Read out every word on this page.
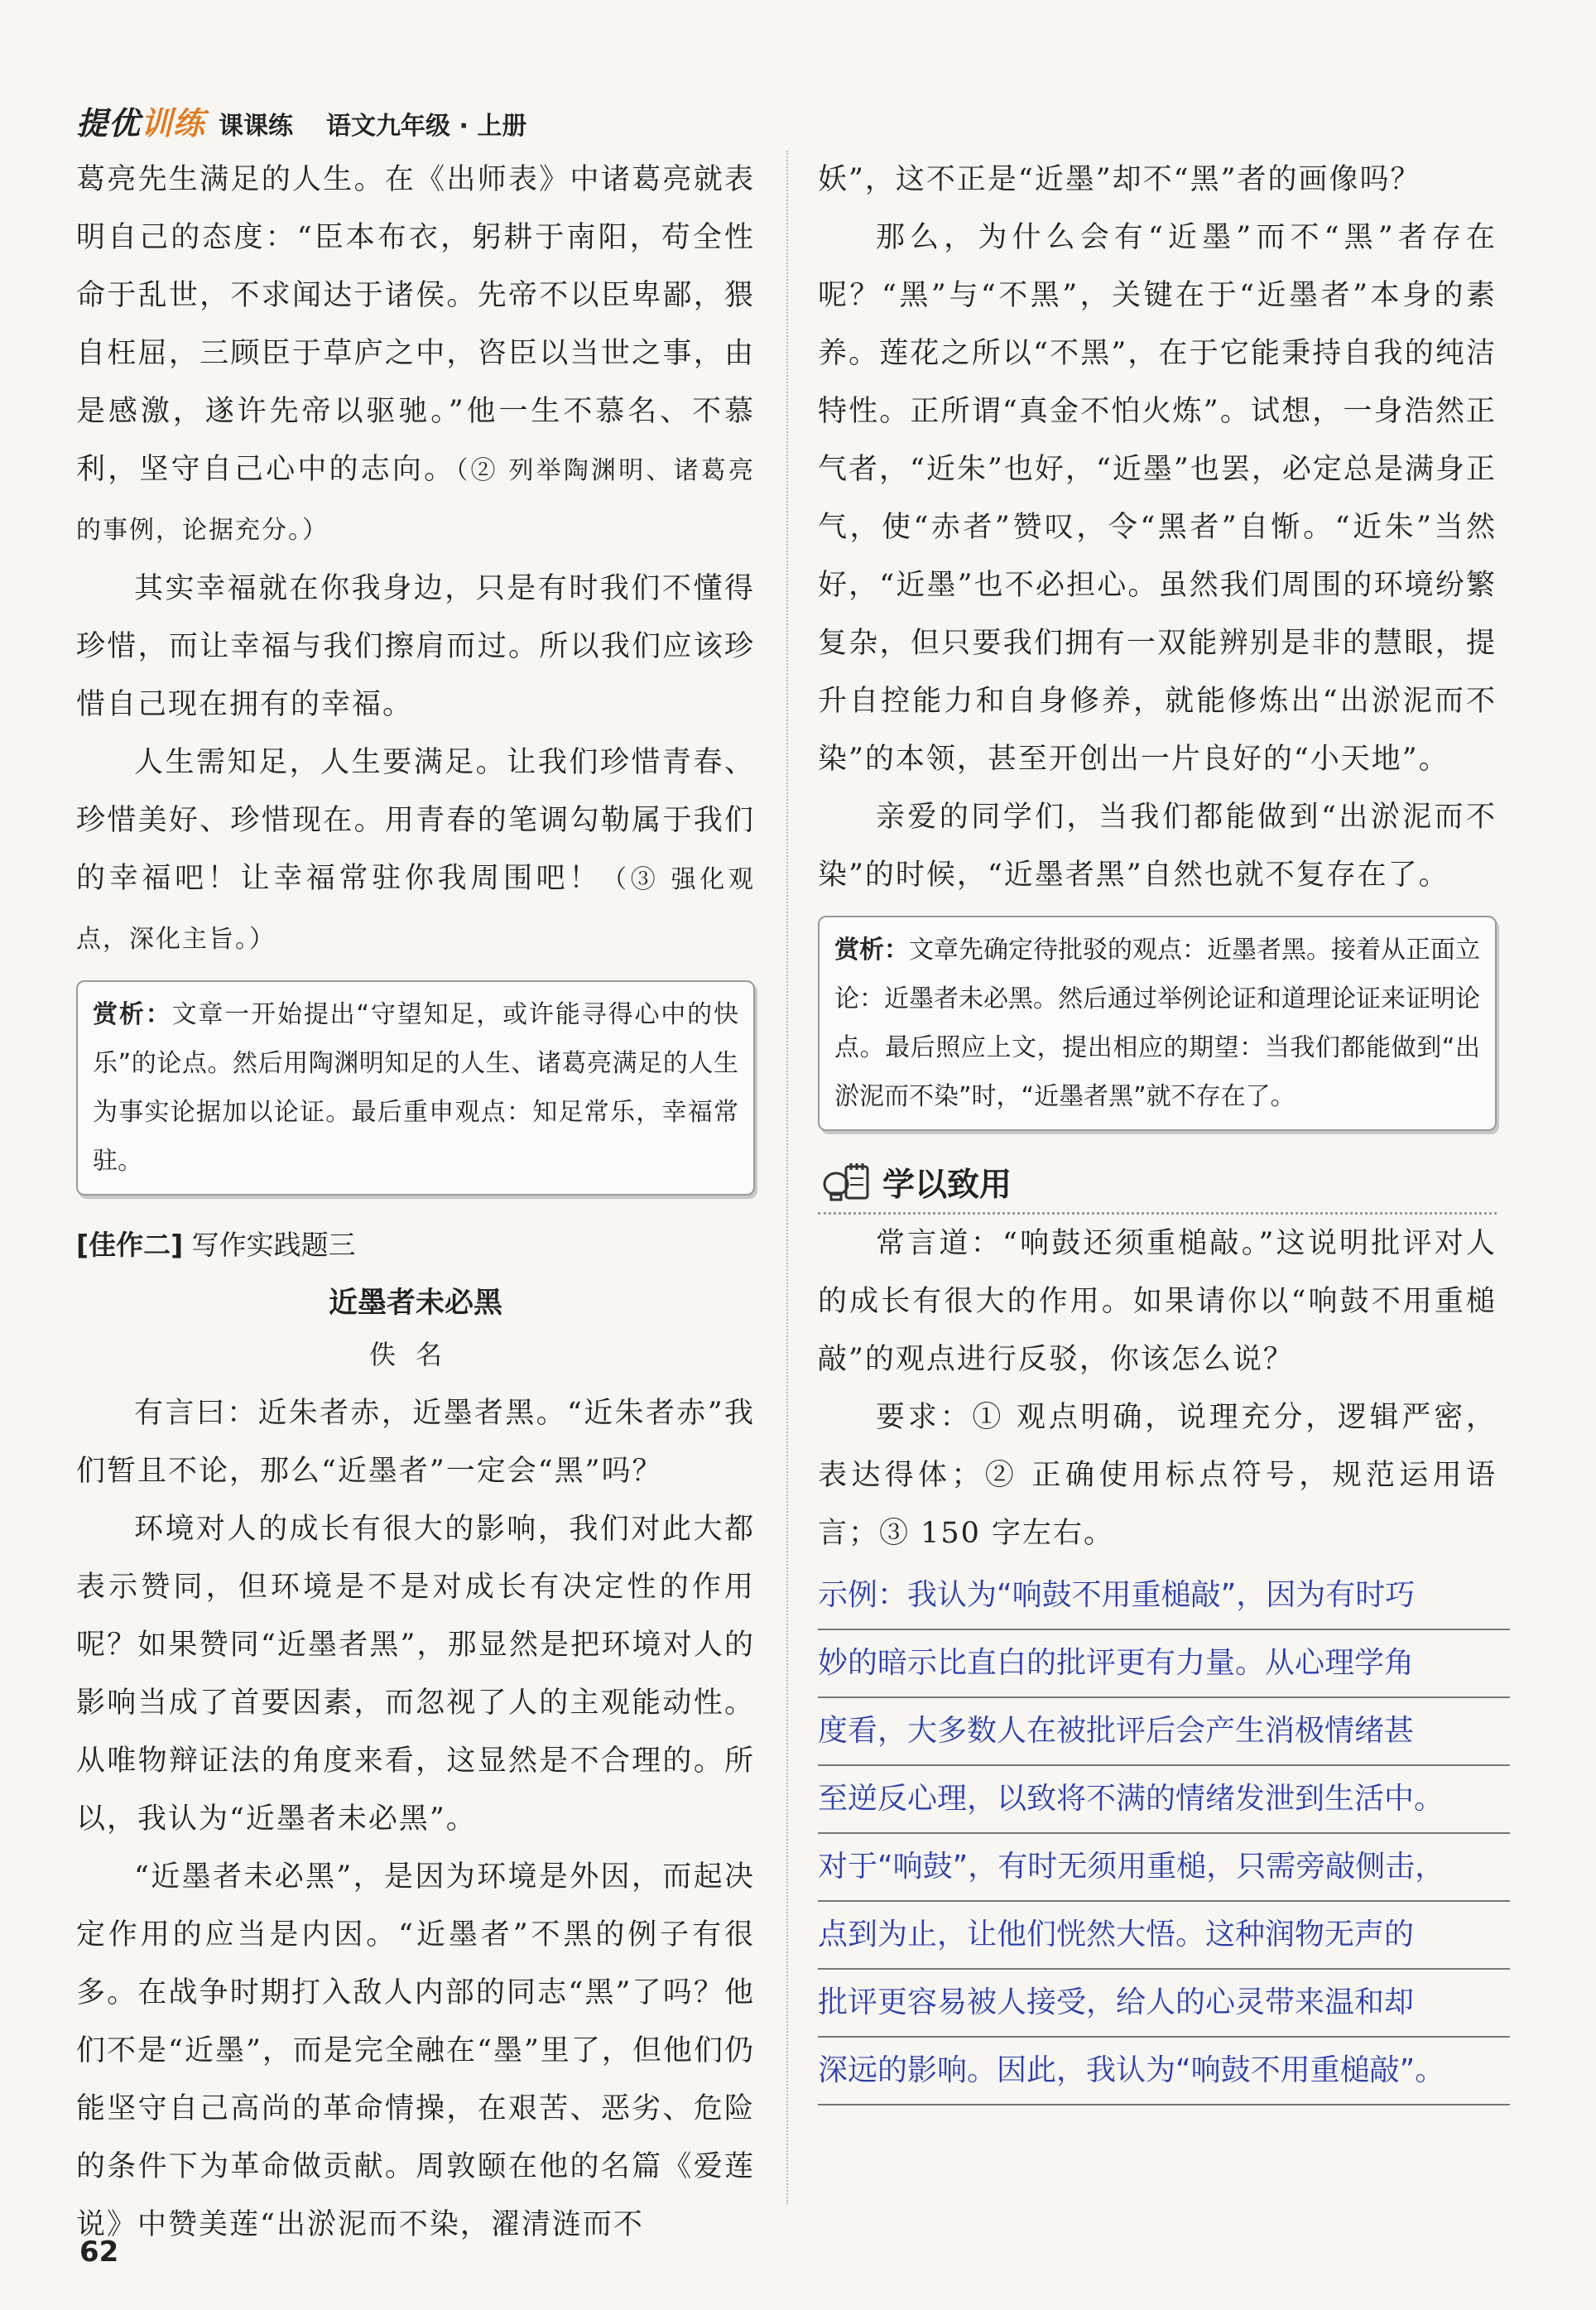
提优训练 课课练 语文九年级 · 上册

葛亮先生满足的人生。在《出师表》中诸葛亮就表明自己的态度：“臣本布衣，躬耕于南阳，苟全性命于乱世，不求闻达于诸侯。先帝不以臣卑鄙，猥自枉屈，三顾臣于草庐之中，咨臣以当世之事，由是感激，遂许先帝以驱驰。”他一生不慕名、不慕利，坚守自己心中的志向。（② 列举陶渊明、诸葛亮的事例，论据充分。）

其实幸福就在你我身边，只是有时我们不懂得珍惜，而让幸福与我们擦肩而过。所以我们应该珍惜自己现在拥有的幸福。

人生需知足，人生要满足。让我们珍惜青春、珍惜美好、珍惜现在。用青春的笔调勾勒属于我们的幸福吧！让幸福常驻你我周围吧！（③ 强化观点，深化主旨。）

赏析：文章一开始提出“守望知足，或许能寻得心中的快乐”的论点。然后用陶渊明知足的人生、诸葛亮满足的人生为事实论据加以论证。最后重申观点：知足常乐，幸福常驻。

[佳作二] 写作实践题三
近墨者未必黑
佚名

有言曰：近朱者赤，近墨者黑。“近朱者赤”我们暂且不论，那么“近墨者”一定会“黑”吗？

环境对人的成长有很大的影响，我们对此大都表示赞同，但环境是不是对成长有决定性的作用呢？如果赞同“近墨者黑”，那显然是把环境对人的影响当成了首要因素，而忽视了人的主观能动性。从唯物辩证法的角度来看，这显然是不合理的。所以，我认为“近墨者未必黑”。

“近墨者未必黑”，是因为环境是外因，而起决定作用的应当是内因。“近墨者”不黑的例子有很多。在战争时期打入敌人内部的同志“黑”了吗？他们不是“近墨”，而是完全融在“墨”里了，但他们仍能坚守自己高尚的革命情操，在艰苦、恶劣、危险的条件下为革命做贡献。周敦颐在他的名篇《爱莲说》中赞美莲“出淤泥而不染，濯清涟而不

妖”，这不正是“近墨”却不“黑”者的画像吗？

那么，为什么会有“近墨”而不“黑”者存在呢？“黑”与“不黑”，关键在于“近墨者”本身的素养。莲花之所以“不黑”，在于它能秉持自我的纯洁特性。正所谓“真金不怕火炼”。试想，一身浩然正气者，“近朱”也好，“近墨”也罢，必定总是满身正气，使“赤者”赞叹，令“黑者”自惭。“近朱”当然好，“近墨”也不必担心。虽然我们周围的环境纷繁复杂，但只要我们拥有一双能辨别是非的慧眼，提升自控能力和自身修养，就能修炼出“出淤泥而不染”的本领，甚至开创出一片良好的“小天地”。

亲爱的同学们，当我们都能做到“出淤泥而不染”的时候，“近墨者黑”自然也就不复存在了。

赏析：文章先确定待批驳的观点：近墨者黑。接着从正面立论：近墨者未必黑。然后通过举例论证和道理论证来证明论点。最后照应上文，提出相应的期望：当我们都能做到“出淤泥而不染”时，“近墨者黑”就不存在了。

学以致用

常言道：“响鼓还须重槌敲。”这说明批评对人的成长有很大的作用。如果请你以“响鼓不用重槌敲”的观点进行反驳，你该怎么说？

要求：① 观点明确，说理充分，逻辑严密，表达得体；② 正确使用标点符号，规范运用语言；③ 150 字左右。

示例：我认为“响鼓不用重槌敲”，因为有时巧
妙的暗示比直白的批评更有力量。从心理学角
度看，大多数人在被批评后会产生消极情绪甚
至逆反心理，以致将不满的情绪发泄到生活中。
对于“响鼓”，有时无须用重槌，只需旁敲侧击，
点到为止，让他们恍然大悟。这种润物无声的
批评更容易被人接受，给人的心灵带来温和却
深远的影响。因此，我认为“响鼓不用重槌敲”。
62
